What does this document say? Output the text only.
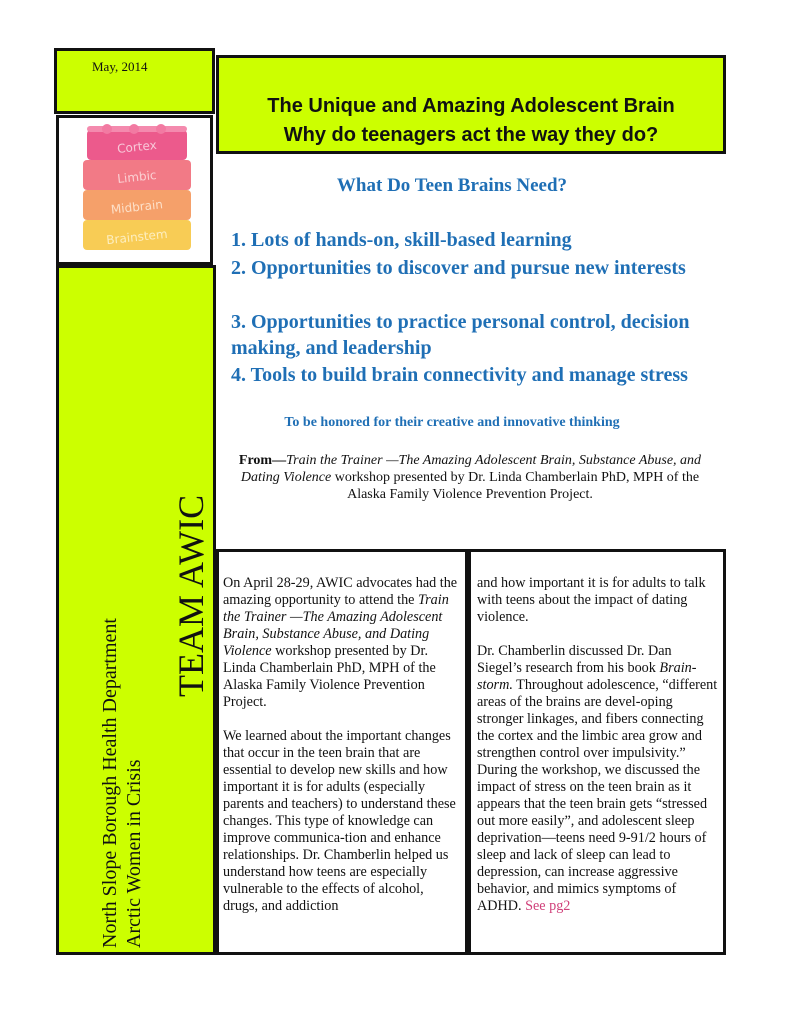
May, 2014
The Unique and Amazing Adolescent Brain
Why do teenagers act the way they do?
Cortex
Limbic
Midbrain
Brainstem
TEAM AWIC
North Slope Borough Health Department Arctic Women in Crisis
What Do Teen Brains Need?
1. Lots of hands-on, skill-based learning
2. Opportunities to discover and pursue new interests
3. Opportunities to practice personal control, decision making, and leadership
4. Tools to build brain connectivity and manage stress
To be honored for their creative and innovative thinking
From—Train the Trainer —The Amazing Adolescent Brain, Substance Abuse, and Dating Violence workshop presented by Dr. Linda Chamberlain PhD, MPH of the Alaska Family Violence Prevention Project.

On April 28-29, AWIC advocates had the amazing opportunity to attend the Train the Trainer —The Amazing Adolescent Brain, Substance Abuse, and Dating Violence workshop presented by Dr. Linda Chamberlain PhD, MPH of the Alaska Family Violence Prevention Project.

We learned about the important changes that occur in the teen brain that are essential to develop new skills and how important it is for adults (especially parents and teachers) to understand these changes. This type of knowledge can improve communica-tion and enhance relationships. Dr. Chamberlin helped us understand how teens are especially vulnerable to the effects of alcohol, drugs, and addiction

and how important it is for adults to talk with teens about the impact of dating violence.

Dr. Chamberlin discussed Dr. Dan Siegel’s research from his book Brain-storm. Throughout adolescence, “different areas of the brains are devel-oping stronger linkages, and fibers connecting the cortex and the limbic area grow and strengthen control over impulsivity.” During the workshop, we discussed the impact of stress on the teen brain as it appears that the teen brain gets “stressed out more easily”, and adolescent sleep deprivation—teens need 9-91/2 hours of sleep and lack of sleep can lead to depression, can increase aggressive behavior, and mimics symptoms of ADHD. See pg2
